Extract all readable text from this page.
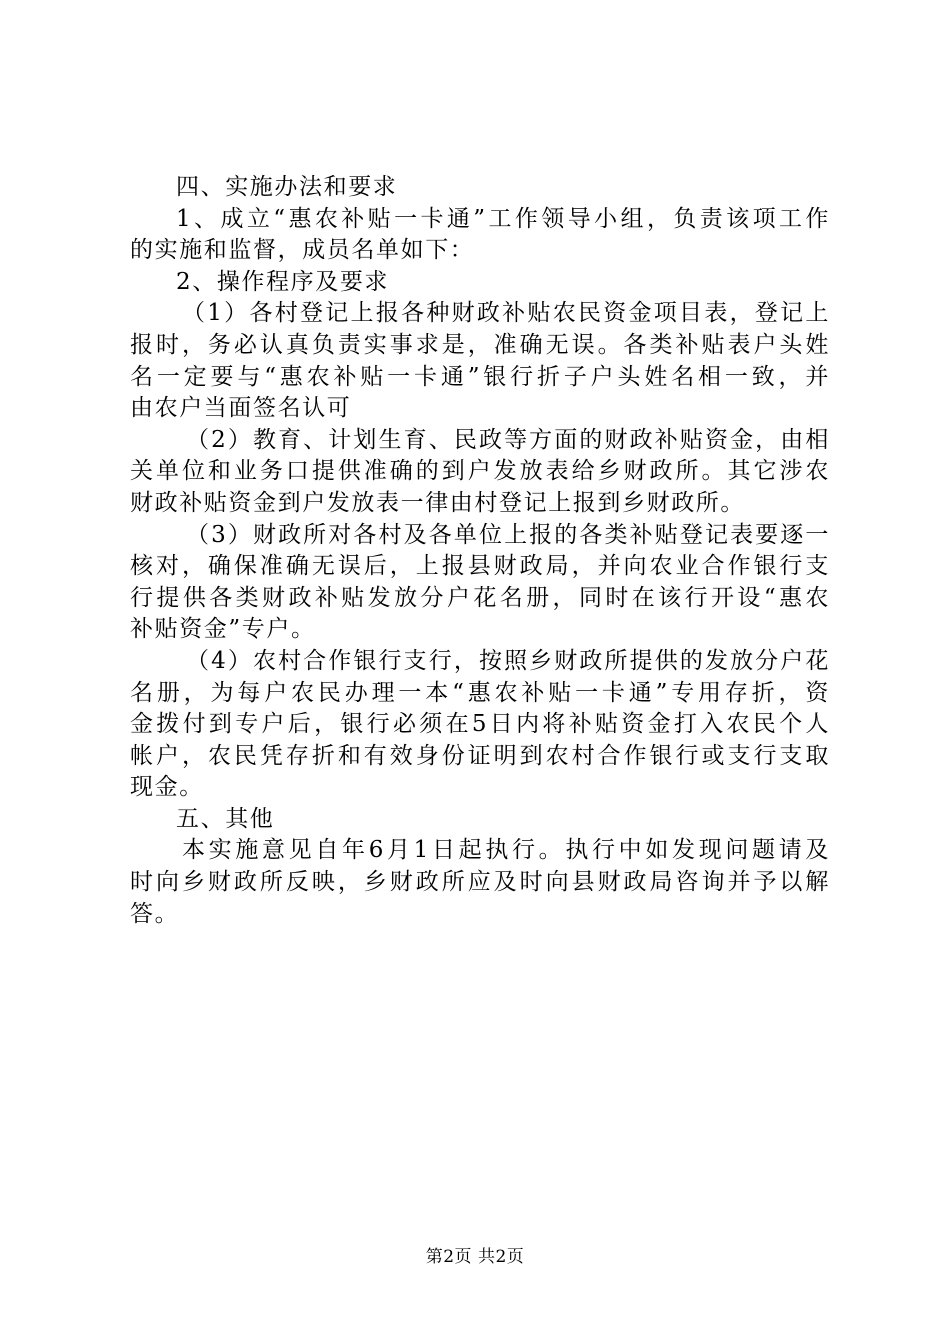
四、实施办法和要求
1、成立“惠农补贴一卡通”工作领导小组，负责该项工作
的实施和监督，成员名单如下：
2、操作程序及要求
（1）各村登记上报各种财政补贴农民资金项目表，登记上
报时，务必认真负责实事求是，准确无误。各类补贴表户头姓
名一定要与“惠农补贴一卡通”银行折子户头姓名相一致，并
由农户当面签名认可
（2）教育、计划生育、民政等方面的财政补贴资金，由相
关单位和业务口提供准确的到户发放表给乡财政所。其它涉农
财政补贴资金到户发放表一律由村登记上报到乡财政所。
（3）财政所对各村及各单位上报的各类补贴登记表要逐一
核对，确保准确无误后，上报县财政局，并向农业合作银行支
行提供各类财政补贴发放分户花名册，同时在该行开设“惠农
补贴资金”专户。
（4）农村合作银行支行，按照乡财政所提供的发放分户花
名册，为每户农民办理一本“惠农补贴一卡通”专用存折，资
金拨付到专户后，银行必须在5日内将补贴资金打入农民个人
帐户，农民凭存折和有效身份证明到农村合作银行或支行支取
现金。
五、其他
本实施意见自年6月1日起执行。执行中如发现问题请及
时向乡财政所反映，乡财政所应及时向县财政局咨询并予以解
答。
第2页 共2页
